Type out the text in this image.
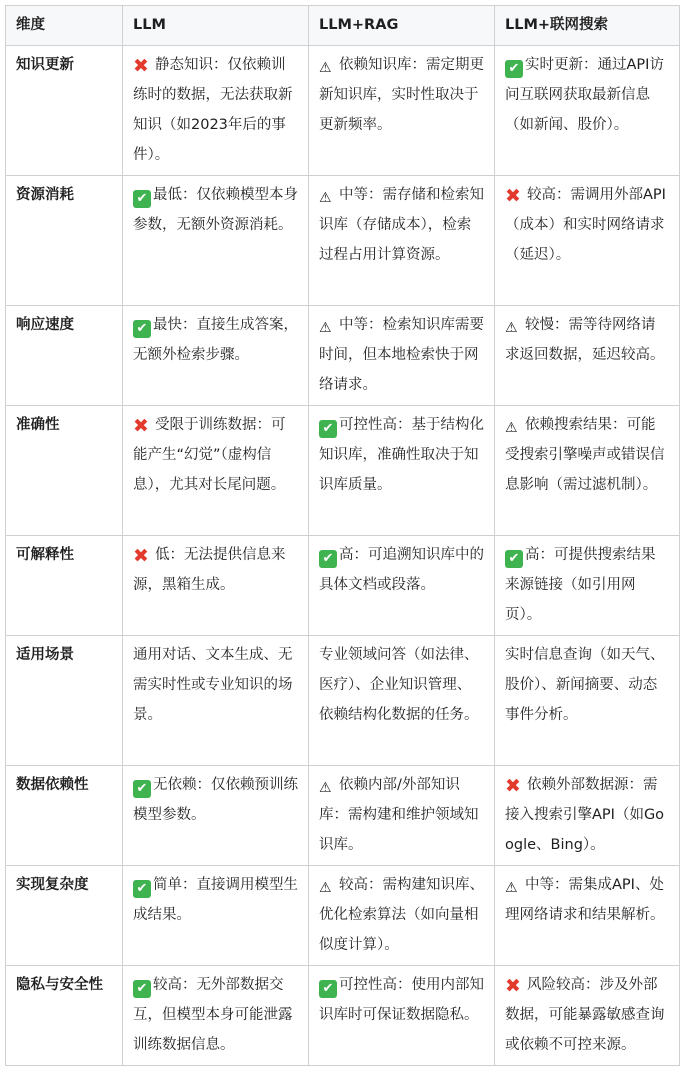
维度	LLM	LLM+RAG	LLM+联网搜索
知识更新	✖ 静态知识：仅依赖训练时的数据，无法获取新知识（如2023年后的事件）。	⚠ 依赖知识库：需定期更新知识库，实时性取决于更新频率。	✔ 实时更新：通过API访问互联网获取最新信息（如新闻、股价）。
资源消耗	✔ 最低：仅依赖模型本身参数，无额外资源消耗。	⚠ 中等：需存储和检索知识库（存储成本），检索过程占用计算资源。	✖ 较高：需调用外部API（成本）和实时网络请求（延迟）。
响应速度	✔ 最快：直接生成答案，无额外检索步骤。	⚠ 中等：检索知识库需要时间，但本地检索快于网络请求。	⚠ 较慢：需等待网络请求返回数据，延迟较高。
准确性	✖ 受限于训练数据：可能产生“幻觉”（虚构信息），尤其对长尾问题。	✔ 可控性高：基于结构化知识库，准确性取决于知识库质量。	⚠ 依赖搜索结果：可能受搜索引擎噪声或错误信息影响（需过滤机制）。
可解释性	✖ 低：无法提供信息来源，黑箱生成。	✔ 高：可追溯知识库中的具体文档或段落。	✔ 高：可提供搜索结果来源链接（如引用网页）。
适用场景	通用对话、文本生成、无需实时性或专业知识的场景。	专业领域问答（如法律、医疗）、企业知识管理、依赖结构化数据的任务。	实时信息查询（如天气、股价）、新闻摘要、动态事件分析。
数据依赖性	✔ 无依赖：仅依赖预训练模型参数。	⚠ 依赖内部/外部知识库：需构建和维护领域知识库。	✖ 依赖外部数据源：需接入搜索引擎API（如Google、Bing）。
实现复杂度	✔ 简单：直接调用模型生成结果。	⚠ 较高：需构建知识库、优化检索算法（如向量相似度计算）。	⚠ 中等：需集成API、处理网络请求和结果解析。
隐私与安全性	✔ 较高：无外部数据交互，但模型本身可能泄露训练数据信息。	✔ 可控性高：使用内部知识库时可保证数据隐私。	✖ 风险较高：涉及外部数据，可能暴露敏感查询或依赖不可控来源。
